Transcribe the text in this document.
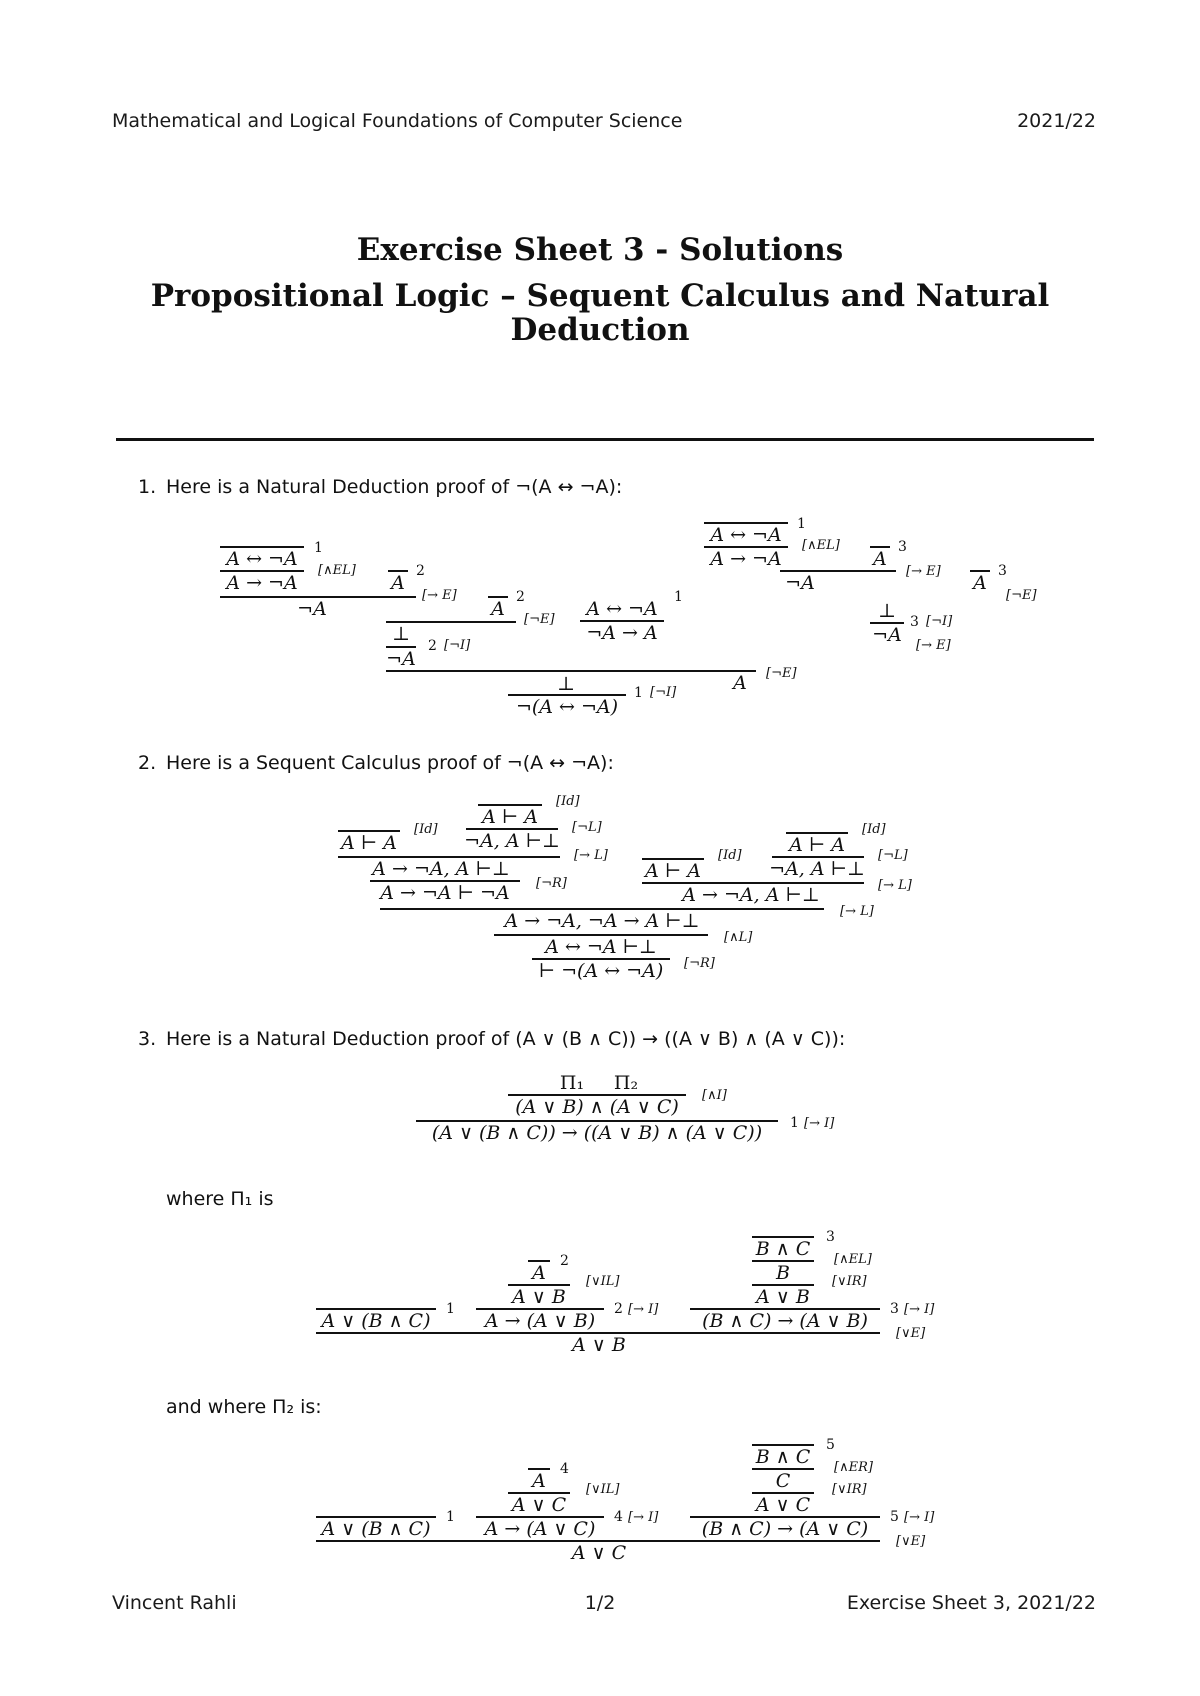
Mathematical and Logical Foundations of Computer Science	2021/22
Exercise Sheet 3 - Solutions
Propositional Logic – Sequent Calculus and Natural
Deduction
1. Here is a Natural Deduction proof of ¬(A ↔ ¬A):
A ↔ ¬A	1
[∧EL]
A → ¬A	A
2
[→ E]
¬A	A
2
[¬E]
⊥
2 [¬I]
¬A
A ↔ ¬A
1
¬A → A
A ↔ ¬A	1
[∧EL]
A → ¬A	A
3
[→ E]
¬A	A
3
[¬E]
⊥	3 [¬I]
¬A	[→ E]
A	[¬E]
⊥	1 [¬I]
¬(A ↔ ¬A)
2. Here is a Sequent Calculus proof of ¬(A ↔ ¬A):
[Id]
A ⊢ A	[¬L]
¬A, A ⊢⊥
[Id]
A ⊢ A
[→ L]
A → ¬A, A ⊢⊥
[¬R]
A → ¬A ⊢ ¬A
[Id]
A ⊢ A	[¬L]
¬A, A ⊢⊥
[Id]
A ⊢ A
[→ L]
A → ¬A, A ⊢⊥
[→ L]
A → ¬A, ¬A → A ⊢⊥
[∧L]
A ↔ ¬A ⊢⊥
[¬R]
⊢ ¬(A ↔ ¬A)
3. Here is a Natural Deduction proof of (A ∨ (B ∧ C)) → ((A ∨ B) ∧ (A ∨ C)):
Π₁	Π₂
[∧I]
(A ∨ B) ∧ (A ∨ C)
1 [→ I]
(A ∨ (B ∧ C)) → ((A ∨ B) ∧ (A ∨ C))
where Π₁ is
B ∧ C
3
[∧EL]
B	[∨IR]
A ∨ B
A
2
[∨IL]
A ∨ B
2 [→ I]
A → (A ∨ B)
3 [→ I]
(B ∧ C) → (A ∨ B)
A ∨ (B ∧ C)
1
[∨E]
A ∨ B
and where Π₂ is:
B ∧ C
5
[∧ER]
C	[∨IR]
A ∨ C
A
4
[∨IL]
A ∨ C
4 [→ I]
A → (A ∨ C)
5 [→ I]
(B ∧ C) → (A ∨ C)
A ∨ (B ∧ C)
1
[∨E]
A ∨ C
Vincent Rahli	1/2	Exercise Sheet 3, 2021/22
